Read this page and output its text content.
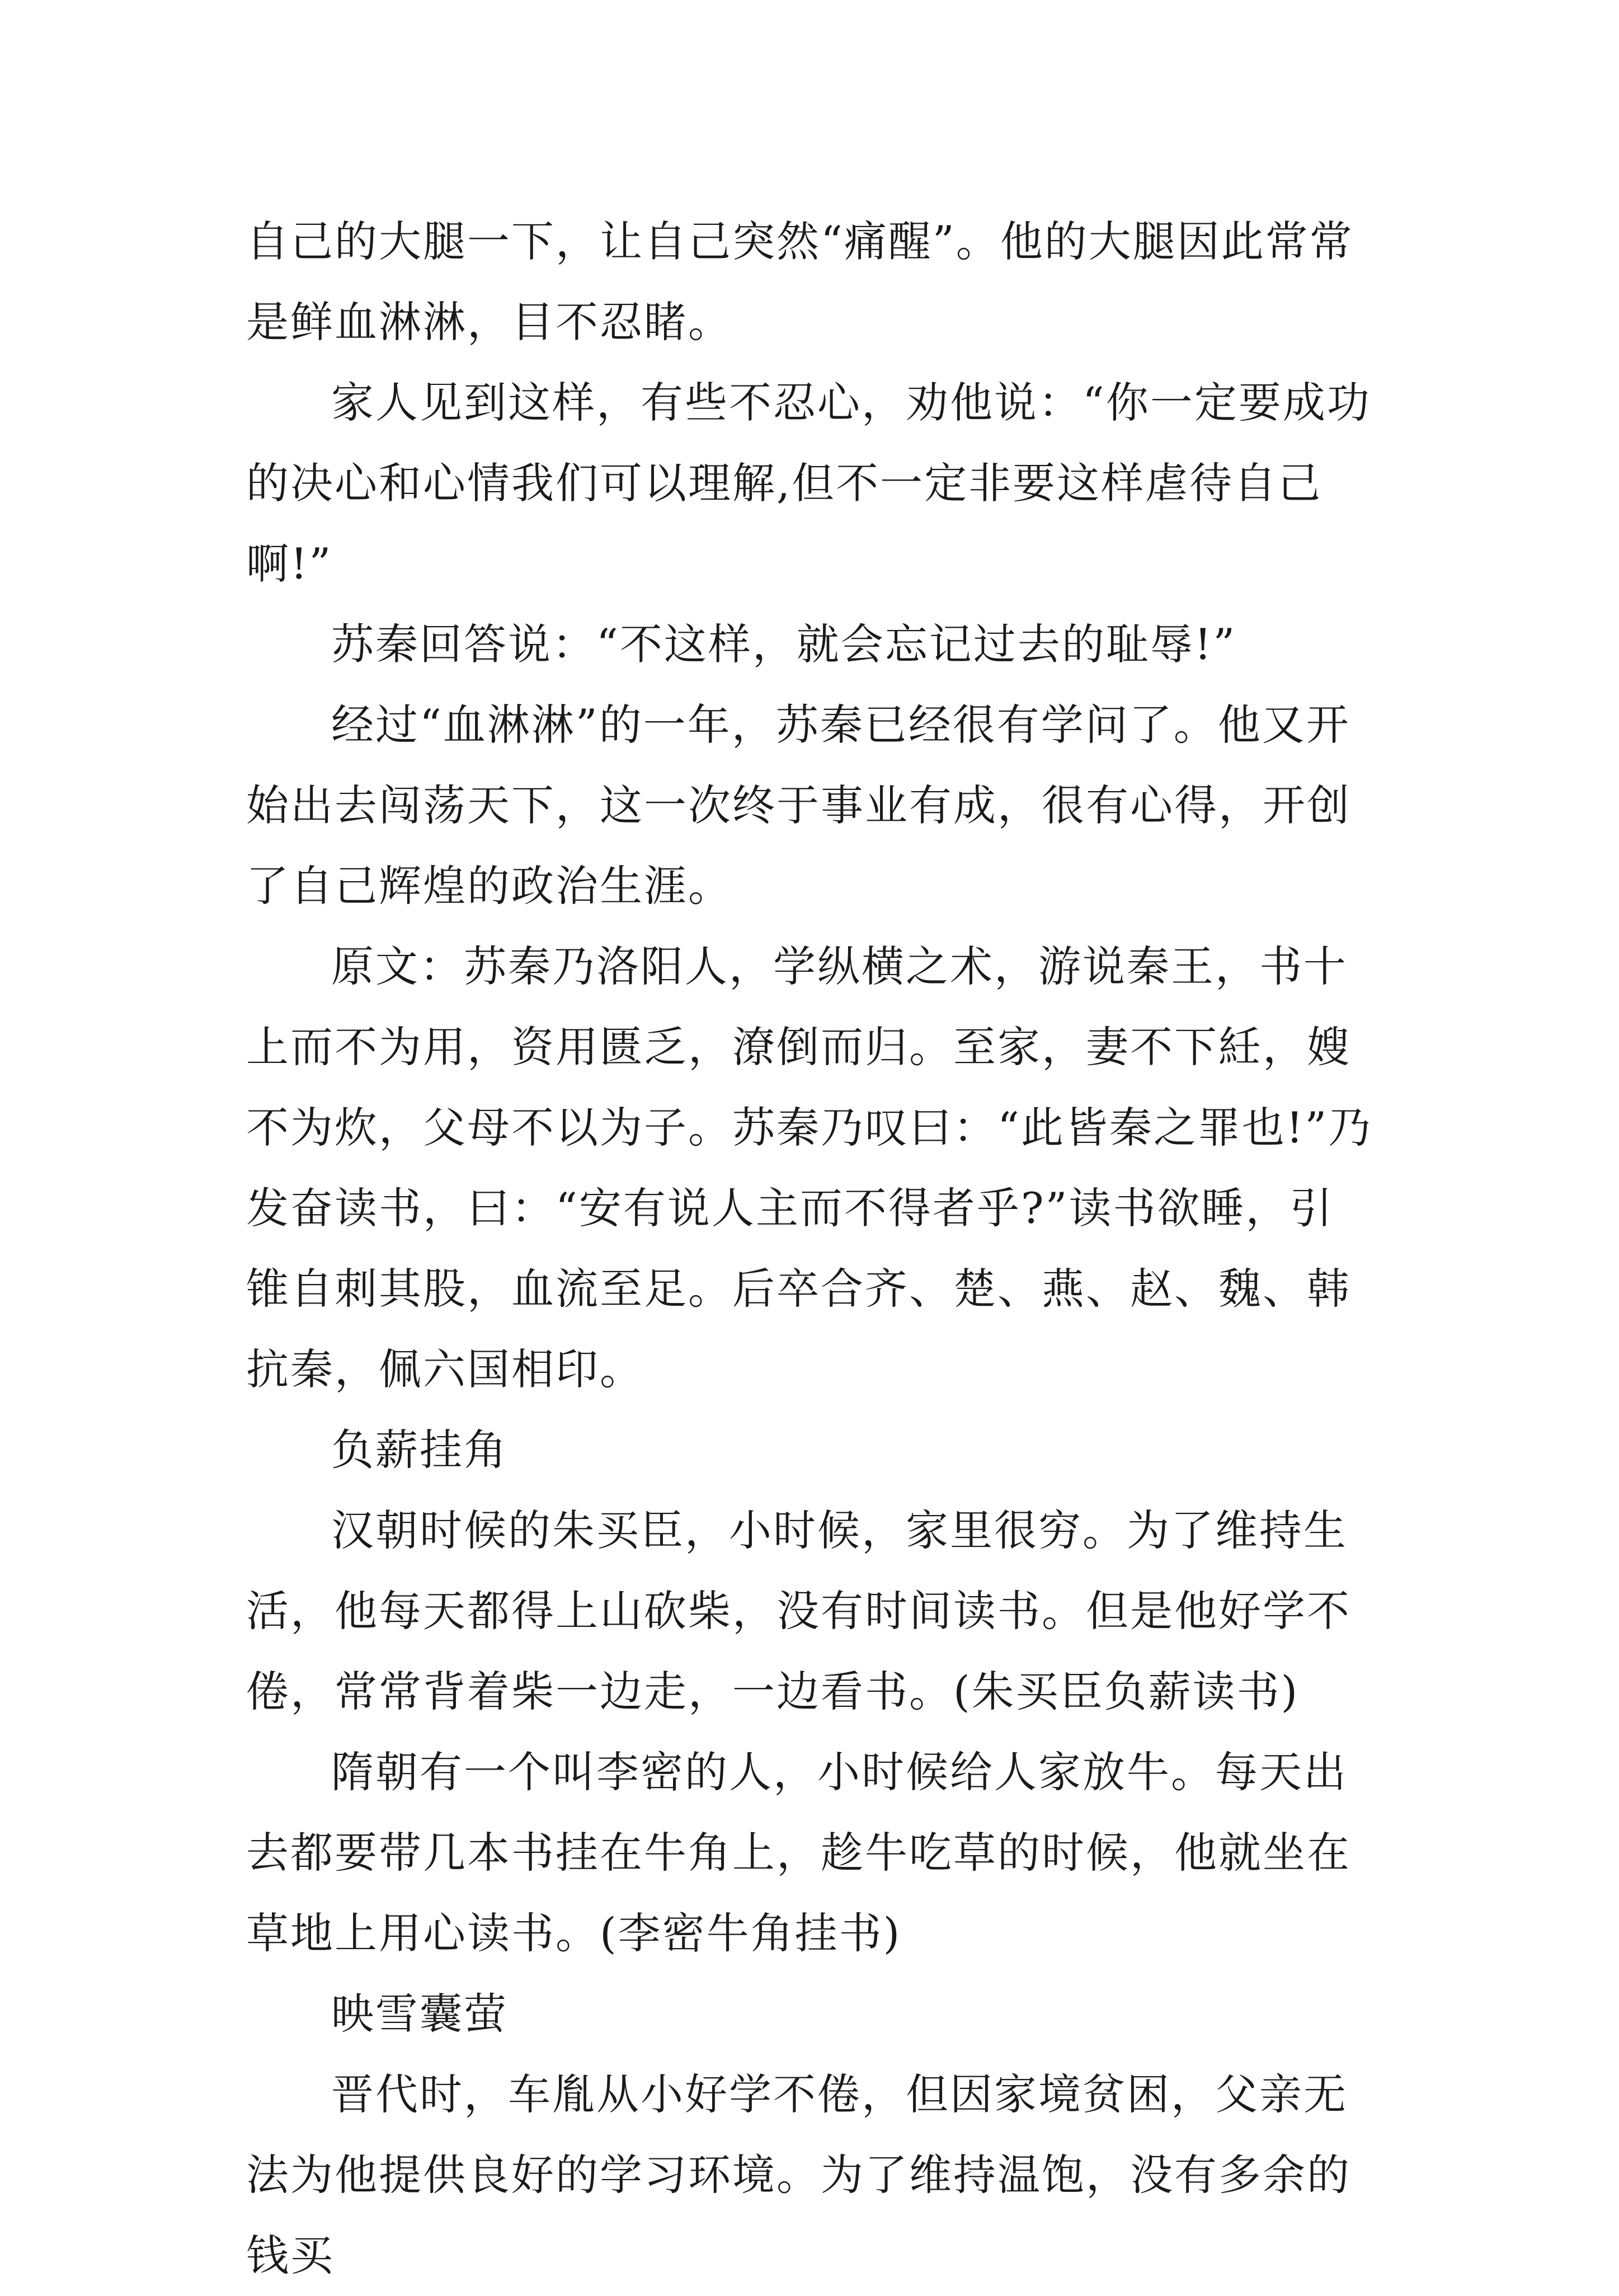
自己的大腿一下，让自己突然“痛醒”。他的大腿因此常常是鲜血淋淋，目不忍睹。

家人见到这样，有些不忍心，劝他说：“你一定要成功的决心和心情我们可以理解,但不一定非要这样虐待自己啊!”

苏秦回答说：“不这样，就会忘记过去的耻辱!”

经过“血淋淋”的一年，苏秦已经很有学问了。他又开始出去闯荡天下，这一次终于事业有成，很有心得，开创了自己辉煌的政治生涯。

原文：苏秦乃洛阳人，学纵横之术，游说秦王，书十上而不为用，资用匮乏，潦倒而归。至家，妻不下紝，嫂不为炊，父母不以为子。苏秦乃叹曰：“此皆秦之罪也!”乃发奋读书，曰：“安有说人主而不得者乎?”读书欲睡，引锥自刺其股，血流至足。后卒合齐、楚、燕、赵、魏、韩抗秦，佩六国相印。

负薪挂角

汉朝时候的朱买臣，小时候，家里很穷。为了维持生活，他每天都得上山砍柴，没有时间读书。但是他好学不倦，常常背着柴一边走，一边看书。(朱买臣负薪读书)

隋朝有一个叫李密的人，小时候给人家放牛。每天出去都要带几本书挂在牛角上，趁牛吃草的时候，他就坐在草地上用心读书。(李密牛角挂书)

映雪囊萤

晋代时，车胤从小好学不倦，但因家境贫困，父亲无法为他提供良好的学习环境。为了维持温饱，没有多余的钱买
